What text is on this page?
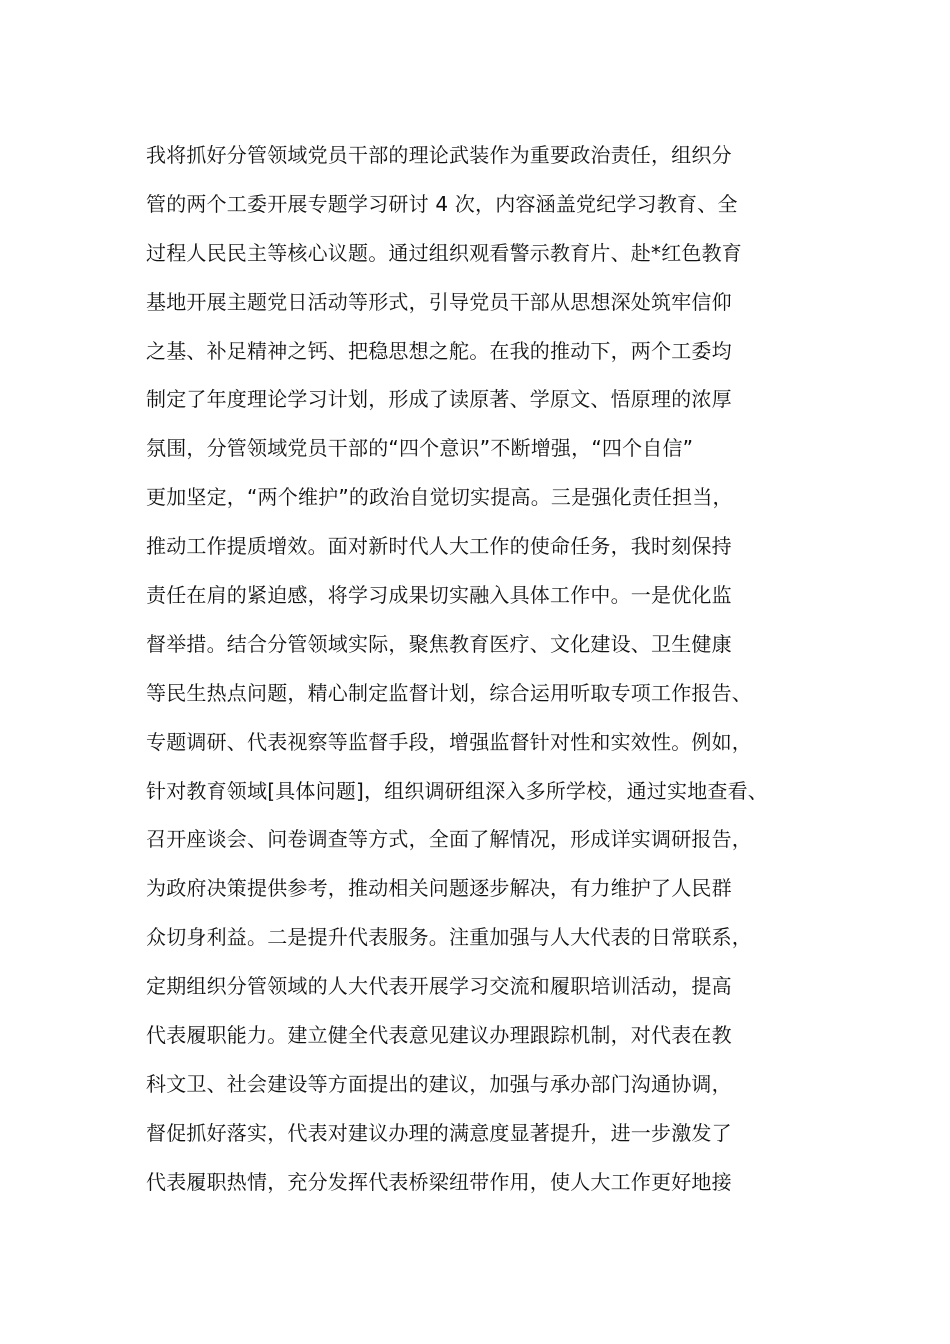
我将抓好分管领域党员干部的理论武装作为重要政治责任，组织分
管的两个工委开展专题学习研讨 4 次，内容涵盖党纪学习教育、全
过程人民民主等核心议题。通过组织观看警示教育片、赴*红色教育
基地开展主题党日活动等形式，引导党员干部从思想深处筑牢信仰
之基、补足精神之钙、把稳思想之舵。在我的推动下，两个工委均
制定了年度理论学习计划，形成了读原著、学原文、悟原理的浓厚
氛围，分管领域党员干部的“四个意识”不断增强，“四个自信”
更加坚定，“两个维护”的政治自觉切实提高。三是强化责任担当，
推动工作提质增效。面对新时代人大工作的使命任务，我时刻保持
责任在肩的紧迫感，将学习成果切实融入具体工作中。一是优化监
督举措。结合分管领域实际，聚焦教育医疗、文化建设、卫生健康
等民生热点问题，精心制定监督计划，综合运用听取专项工作报告、
专题调研、代表视察等监督手段，增强监督针对性和实效性。例如，
针对教育领域[具体问题]，组织调研组深入多所学校，通过实地查看、
召开座谈会、问卷调查等方式，全面了解情况，形成详实调研报告，
为政府决策提供参考，推动相关问题逐步解决，有力维护了人民群
众切身利益。二是提升代表服务。注重加强与人大代表的日常联系，
定期组织分管领域的人大代表开展学习交流和履职培训活动，提高
代表履职能力。建立健全代表意见建议办理跟踪机制，对代表在教
科文卫、社会建设等方面提出的建议，加强与承办部门沟通协调，
督促抓好落实，代表对建议办理的满意度显著提升，进一步激发了
代表履职热情，充分发挥代表桥梁纽带作用，使人大工作更好地接
